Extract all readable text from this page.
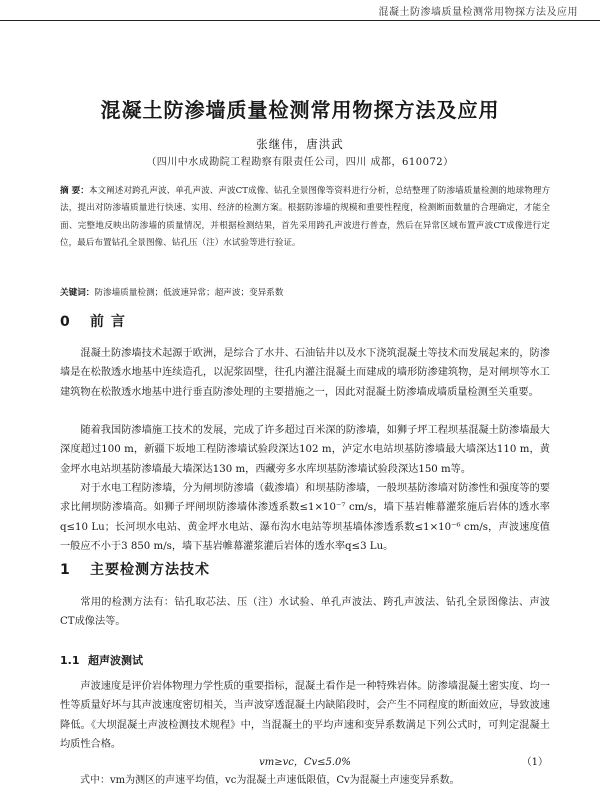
混凝土防渗墙质量检测常用物探方法及应用
混凝土防渗墙质量检测常用物探方法及应用
张继伟，唐洪武
（四川中水成勘院工程勘察有限责任公司，四川 成都，610072）
摘 要：本文阐述对跨孔声波、单孔声波、声波CT成像、钻孔全景图像等资料进行分析，总结整理了防渗墙质量检测的地球物理方法，提出对防渗墙质量进行快速、实用、经济的检测方案。根据防渗墙的规模和重要性程度，检测断面数量的合理确定，才能全面、完整地反映出防渗墙的质量情况，并根据检测结果，首先采用跨孔声波进行普查，然后在异常区域布置声波CT成像进行定位，最后布置钻孔全景图像、钻孔压（注）水试验等进行验证。
关键词：防渗墙质量检测；低波速异常；超声波；变异系数
0 前 言
混凝土防渗墙技术起源于欧洲，是综合了水井、石油钻井以及水下浇筑混凝土等技术而发展起来的，防渗墙是在松散透水地基中连续造孔，以泥浆固壁，往孔内灌注混凝土而建成的墙形防渗建筑物，是对闸坝等水工建筑物在松散透水地基中进行垂直防渗处理的主要措施之一，因此对混凝土防渗墙成墙质量检测至关重要。
随着我国防渗墙施工技术的发展，完成了许多超过百米深的防渗墙，如狮子坪工程坝基混凝土防渗墙最大深度超过100 m，新疆下坂地工程防渗墙试验段深达102 m，泸定水电站坝基防渗墙最大墙深达110 m，黄金坪水电站坝基防渗墙最大墙深达130 m，西藏旁多水库坝基防渗墙试验段深达150 m等。
对于水电工程防渗墙，分为闸坝防渗墙（截渗墙）和坝基防渗墙，一般坝基防渗墙对防渗性和强度等的要求比闸坝防渗墙高。如狮子坪闸坝防渗墙体渗透系数≤1×10⁻⁷ cm/s，墙下基岩帷幕灌浆施后岩体的透水率q≤10 Lu；长河坝水电站、黄金坪水电站、瀑布沟水电站等坝基墙体渗透系数≤1×10⁻⁶ cm/s，声波速度值一般应不小于3 850 m/s，墙下基岩帷幕灌浆灌后岩体的透水率q≤3 Lu。
1 主要检测方法技术
常用的检测方法有：钻孔取芯法、压（注）水试验、单孔声波法、跨孔声波法、钻孔全景图像法、声波CT成像法等。
1.1 超声波测试
声波速度是评价岩体物理力学性质的重要指标，混凝土看作是一种特殊岩体。防渗墙混凝土密实度、均一性等质量好坏与其声波速度密切相关，当声波穿透混凝土内缺陷段时，会产生不同程度的断面效应，导致波速降低。《大坝混凝土声波检测技术规程》中，当混凝土的平均声速和变异系数满足下列公式时，可判定混凝土均质性合格。
vm≥vc，Cv≤5.0%	（1）
式中：vm为测区的声速平均值，vc为混凝土声速低限值，Cv为混凝土声速变异系数。
